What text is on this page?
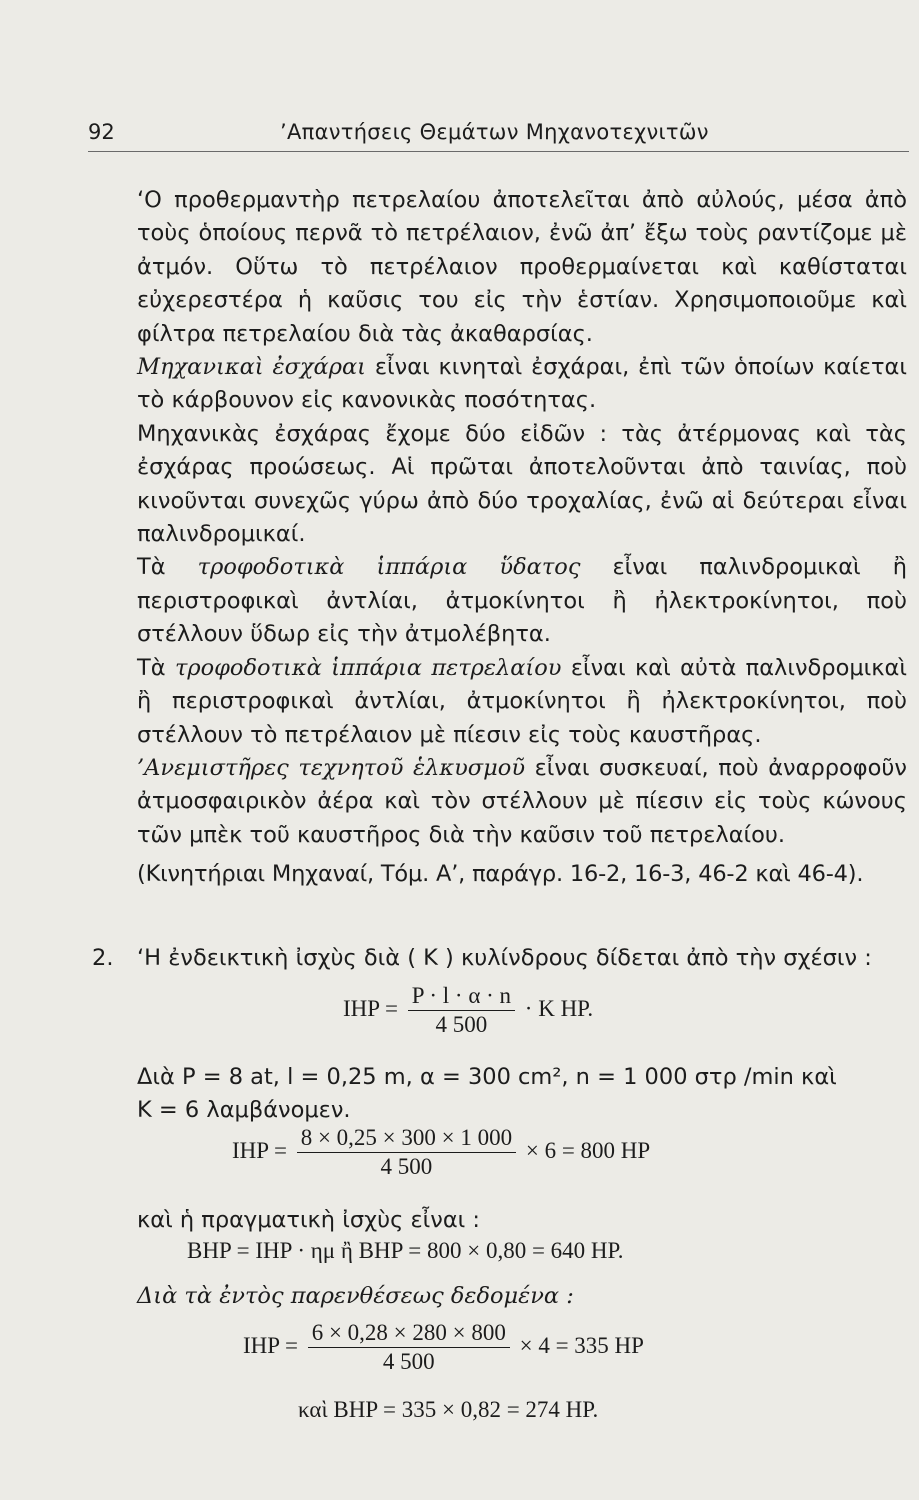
92	’Απαντήσεις Θεμάτων Μηχανοτεχνιτῶν

‘Ο προθερμαντὴρ πετρελαίου ἀποτελεῖται ἀπὸ αὐλούς, μέσα ἀπὸ τοὺς ὁποίους περνᾶ τὸ πετρέλαιον, ἐνῶ ἀπ’ ἔξω τοὺς ραντίζομε μὲ ἀτμόν. Οὕτω τὸ πετρέλαιον προθερμαίνεται καὶ καθίσταται εὐχερεστέρα ἡ καῦσις του εἰς τὴν ἑστίαν. Χρησιμοποιοῦμε καὶ φίλτρα πετρελαίου διὰ τὰς ἀκαθαρσίας.

Μηχανικαὶ ἐσχάραι εἶναι κινηταὶ ἐσχάραι, ἐπὶ τῶν ὁποίων καίεται τὸ κάρβουνον εἰς κανονικὰς ποσότητας.

Μηχανικὰς ἐσχάρας ἔχομε δύο εἰδῶν : τὰς ἀτέρμονας καὶ τὰς ἐσχάρας προώσεως. Αἱ πρῶται ἀποτελοῦνται ἀπὸ ταινίας, ποὺ κινοῦνται συνεχῶς γύρω ἀπὸ δύο τροχαλίας, ἐνῶ αἱ δεύτεραι εἶναι παλινδρομικαί.

Τὰ τροφοδοτικὰ ἱππάρια ὕδατος εἶναι παλινδρομικαὶ ἢ περιστροφικαὶ ἀντλίαι, ἀτμοκίνητοι ἢ ἠλεκτροκίνητοι, ποὺ στέλλουν ὕδωρ εἰς τὴν ἀτμολέβητα.

Τὰ τροφοδοτικὰ ἱππάρια πετρελαίου εἶναι καὶ αὐτὰ παλινδρομικαὶ ἢ περιστροφικαὶ ἀντλίαι, ἀτμοκίνητοι ἢ ἠλεκτροκίνητοι, ποὺ στέλλουν τὸ πετρέλαιον μὲ πίεσιν εἰς τοὺς καυστῆρας.

’Ανεμιστῆρες τεχνητοῦ ἑλκυσμοῦ εἶναι συσκευαί, ποὺ ἀναρροφοῦν ἀτμοσφαιρικὸν ἀέρα καὶ τὸν στέλλουν μὲ πίεσιν εἰς τοὺς κώνους τῶν μπὲκ τοῦ καυστῆρος διὰ τὴν καῦσιν τοῦ πετρελαίου.

(Κινητήριαι Μηχαναί, Τόμ. Α’, παράγρ. 16-2, 16-3, 46-2 καὶ 46-4).

2. ‘Η ἐνδεικτικὴ ἰσχὺς διὰ ( Κ ) κυλίνδρους δίδεται ἀπὸ τὴν σχέσιν :
IHP = $\frac{P \cdot l \cdot \alpha \cdot n}{4 500} \cdot K$ HP.
Διὰ P = 8 at, l = 0,25 m, α = 300 cm², n = 1 000 στρ /min καὶ
Κ = 6 λαμβάνομεν.
IHP = $\frac{8 \times 0,25 \times 300 \times 1 000}{4 500} \times 6 = 800$ HP
καὶ ἡ πραγματικὴ ἰσχὺς εἶναι :
BHP = IHP · ημ ἢ BHP = 800 × 0,80 = 640 HP.
Διὰ τὰ ἐντὸς παρενθέσεως δεδομένα :
IHP = $\frac{6 \times 0,28 \times 280 \times 800}{4 500} \times 4 = 335$ HP
καὶ BHP = 335 × 0,82 = 274 HP.
